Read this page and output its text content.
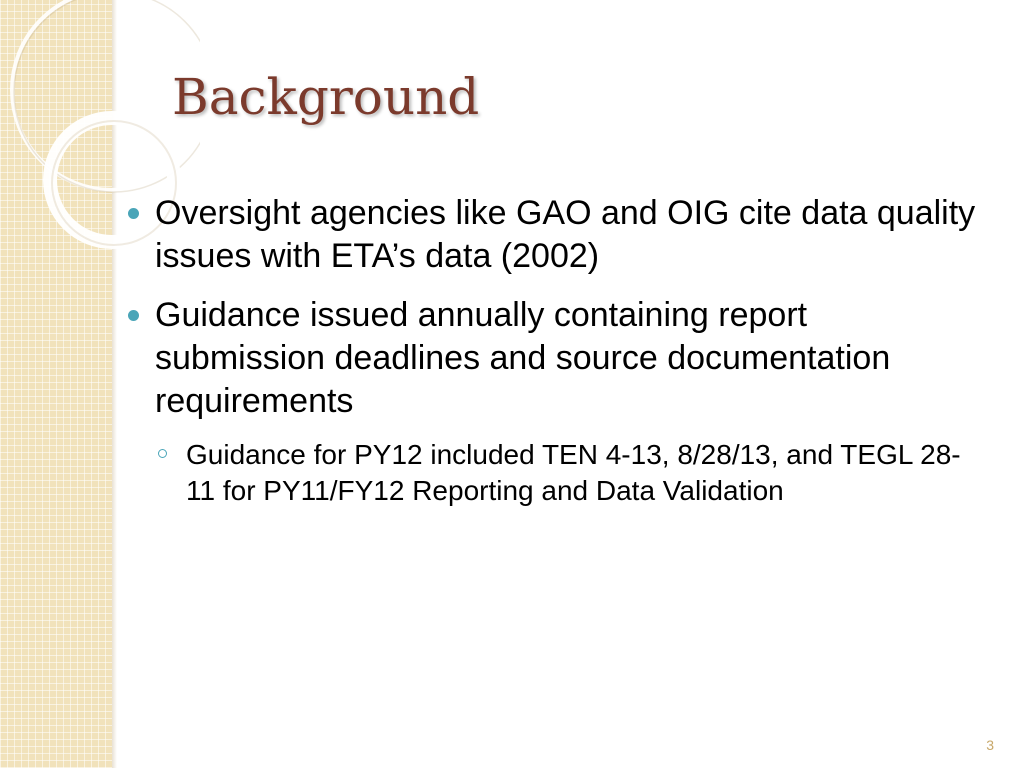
Background
Oversight agencies like GAO and OIG cite data quality issues with ETA’s data (2002)
Guidance issued annually containing report submission deadlines and source documentation requirements
Guidance for PY12 included TEN 4-13, 8/28/13, and TEGL 28-11 for PY11/FY12 Reporting and Data Validation
3
